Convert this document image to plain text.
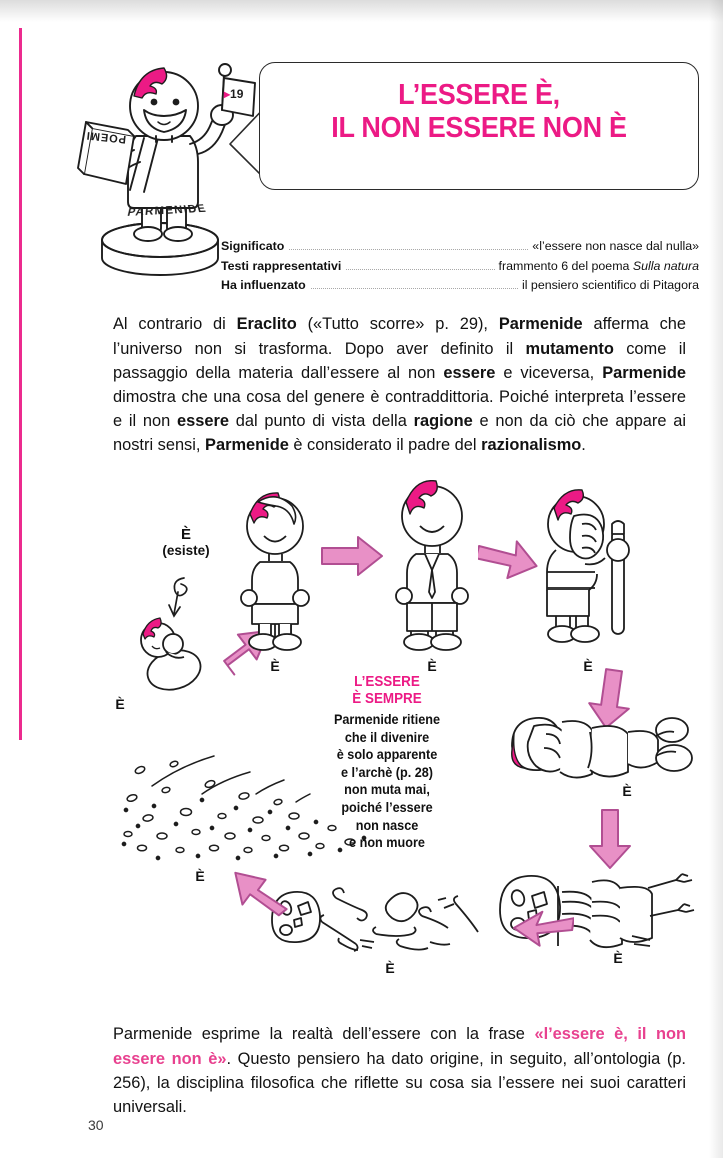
PARMENIDE
POEMI
▸19	L’ESSERE È,
IL NON ESSERE NON È
Significato	«l’essere non nasce dal nulla»
Testi rappresentativi	frammento 6 del poema Sulla natura
Ha influenzato	il pensiero scientifico di Pitagora

Al contrario di Eraclito («Tutto scorre» p. 29), Parmenide afferma che l’universo non si trasforma. Dopo aver definito il mutamento come il passaggio della materia dall’essere al non essere e viceversa, Parmenide dimostra che una cosa del genere è contraddittoria. Poiché interpreta l’essere e il non essere dal punto di vista della ragione e non da ciò che appare ai nostri sensi, Parmenide è considerato il padre del razionalismo.

È
(esiste)
È
È	È	È
È
È
È
È
L’ESSERE
È SEMPRE
Parmenide ritiene
che il divenire
è solo apparente
e l’archè (p. 28)
non muta mai,
poiché l’essere
non nasce
e non muore

Parmenide esprime la realtà dell’essere con la frase «l’essere è, il non essere non è». Questo pensiero ha dato origine, in seguito, all’ontologia (p. 256), la disciplina filosofica che riflette su cosa sia l’essere nei suoi caratteri universali.

30
